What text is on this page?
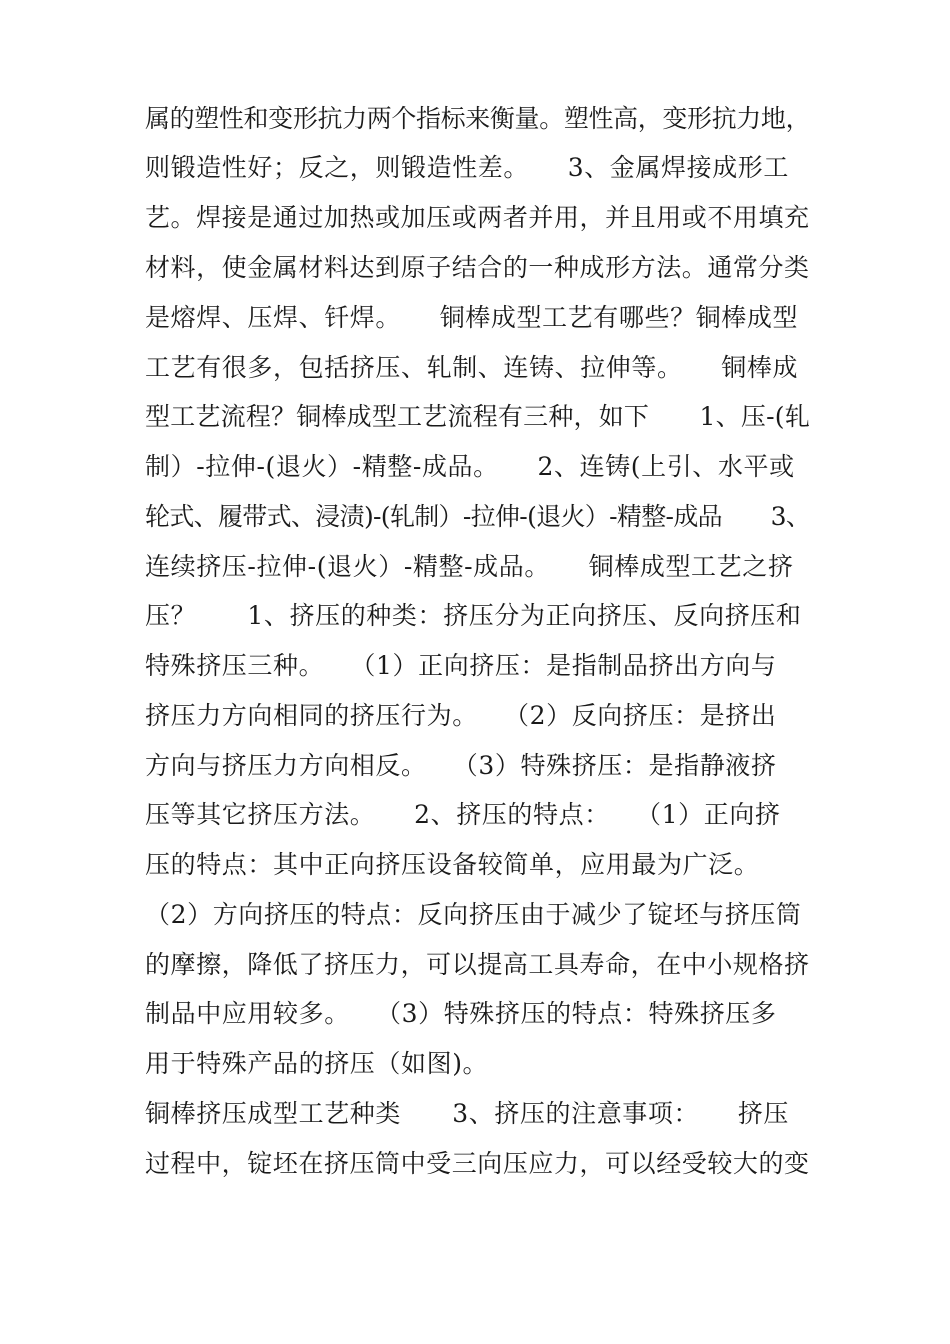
属的塑性和变形抗力两个指标来衡量。塑性高，变形抗力地，
则锻造性好；反之，则锻造性差。　　3、金属焊接成形工
艺。焊接是通过加热或加压或两者并用，并且用或不用填充
材料，使金属材料达到原子结合的一种成形方法。通常分类
是熔焊、压焊、钎焊。　　铜棒成型工艺有哪些？铜棒成型
工艺有很多，包括挤压、轧制、连铸、拉伸等。　　铜棒成
型工艺流程？铜棒成型工艺流程有三种，如下　　1、压-(轧
制）-拉伸-(退火）-精整-成品。　　2、连铸(上引、水平或
轮式、履带式、浸渍)-(轧制）-拉伸-(退火）-精整-成品　　3、
连续挤压-拉伸-(退火）-精整-成品。　　铜棒成型工艺之挤
压？　　1、挤压的种类：挤压分为正向挤压、反向挤压和
特殊挤压三种。　　（1）正向挤压：是指制品挤出方向与
挤压力方向相同的挤压行为。　　（2）反向挤压：是挤出
方向与挤压力方向相反。　　（3）特殊挤压：是指静液挤
压等其它挤压方法。　　2、挤压的特点：　　（1）正向挤
压的特点：其中正向挤压设备较简单，应用最为广泛。
（2）方向挤压的特点：反向挤压由于减少了锭坯与挤压筒
的摩擦，降低了挤压力，可以提高工具寿命，在中小规格挤
制品中应用较多。　　（3）特殊挤压的特点：特殊挤压多
用于特殊产品的挤压（如图)。
铜棒挤压成型工艺种类　　3、挤压的注意事项：　　挤压
过程中，锭坯在挤压筒中受三向压应力，可以经受较大的变
